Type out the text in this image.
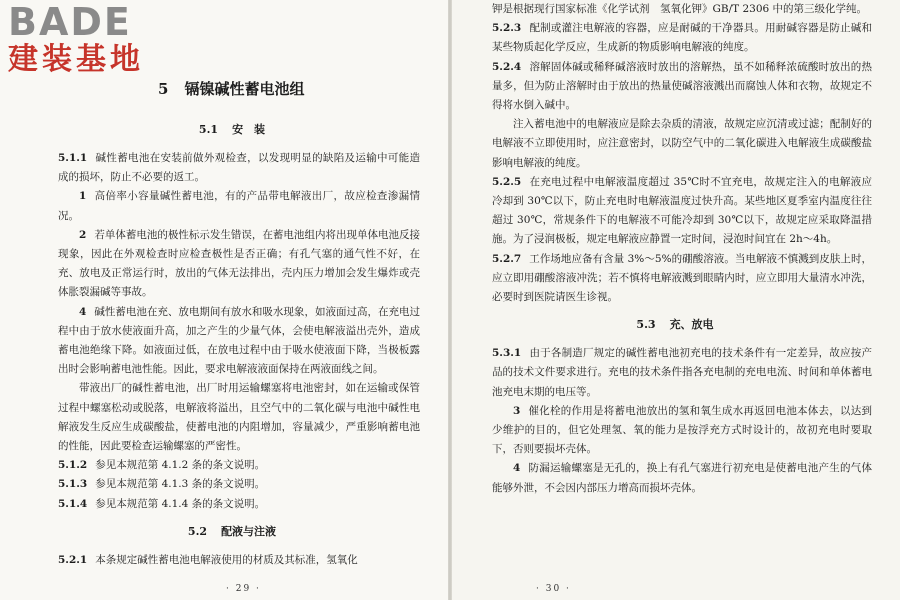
BADE
建装基地
5 镉镍碱性蓄电池组
5.1 安　装

5.1.1 碱性蓄电池在安装前做外观检查，以发现明显的缺陷及运输中可能造成的损坏，防止不必要的返工。

1 高倍率小容量碱性蓄电池，有的产品带电解液出厂，故应检查渗漏情况。

2 若单体蓄电池的极性标示发生错误，在蓄电池组内将出现单体电池反接现象，因此在外观检查时应检查极性是否正确；有孔气塞的通气性不好，在充、放电及正常运行时，放出的气体无法排出，壳内压力增加会发生爆炸或壳体胀裂漏碱等事故。

4 碱性蓄电池在充、放电期间有放水和吸水现象，如液面过高，在充电过程中由于放水使液面升高，加之产生的少量气体，会使电解液溢出壳外，造成蓄电池绝缘下降。如液面过低，在放电过程中由于吸水使液面下降，当极板露出时会影响蓄电池性能。因此，要求电解液液面保持在两液面线之间。

带液出厂的碱性蓄电池，出厂时用运输螺塞将电池密封，如在运输或保管过程中螺塞松动或脱落，电解液将溢出，且空气中的二氧化碳与电池中碱性电解液发生反应生成碳酸盐，使蓄电池的内阻增加，容量减少，严重影响蓄电池的性能，因此要检查运输螺塞的严密性。

5.1.2 参见本规范第 4.1.2 条的条文说明。

5.1.3 参见本规范第 4.1.3 条的条文说明。

5.1.4 参见本规范第 4.1.4 条的条文说明。

5.2 配液与注液

5.2.1 本条规定碱性蓄电池电解液使用的材质及其标准，氢氧化

· 29 ·

钾是根据现行国家标准《化学试剂　氢氧化钾》GB/T 2306 中的第三级化学纯。

5.2.3 配制或灌注电解液的容器，应是耐碱的干净器具。用耐碱容器是防止碱和某些物质起化学反应，生成新的物质影响电解液的纯度。

5.2.4 溶解固体碱或稀释碱溶液时放出的溶解热，虽不如稀释浓硫酸时放出的热量多，但为防止溶解时由于放出的热量使碱溶液溅出而腐蚀人体和衣物，故规定不得将水倒入碱中。

注入蓄电池中的电解液应是除去杂质的清液，故规定应沉清或过滤；配制好的电解液不立即使用时，应注意密封，以防空气中的二氧化碳进入电解液生成碳酸盐影响电解液的纯度。

5.2.5 在充电过程中电解液温度超过 35℃时不宜充电，故规定注入的电解液应冷却到 30℃以下，防止充电时电解液温度过快升高。某些地区夏季室内温度往往超过 30℃，常规条件下的电解液不可能冷却到 30℃以下，故规定应采取降温措施。为了浸润极板，规定电解液应静置一定时间，浸泡时间宜在 2h～4h。

5.2.7 工作场地应备有含量 3%～5%的硼酸溶液。当电解液不慎溅到皮肤上时，应立即用硼酸溶液冲洗；若不慎将电解液溅到眼睛内时，应立即用大量清水冲洗，必要时到医院请医生诊视。

5.3 充、放电

5.3.1 由于各制造厂规定的碱性蓄电池初充电的技术条件有一定差异，故应按产品的技术文件要求进行。充电的技术条件指各充电制的充电电流、时间和单体蓄电池充电末期的电压等。

3 催化栓的作用是将蓄电池放出的氢和氧生成水再返回电池本体去，以达到少维护的目的，但它处理氢、氧的能力是按浮充方式时设计的，故初充电时要取下，否则要损坏壳体。

4 防漏运输螺塞是无孔的，换上有孔气塞进行初充电是使蓄电池产生的气体能够外泄，不会因内部压力增高而损坏壳体。

· 30 ·
